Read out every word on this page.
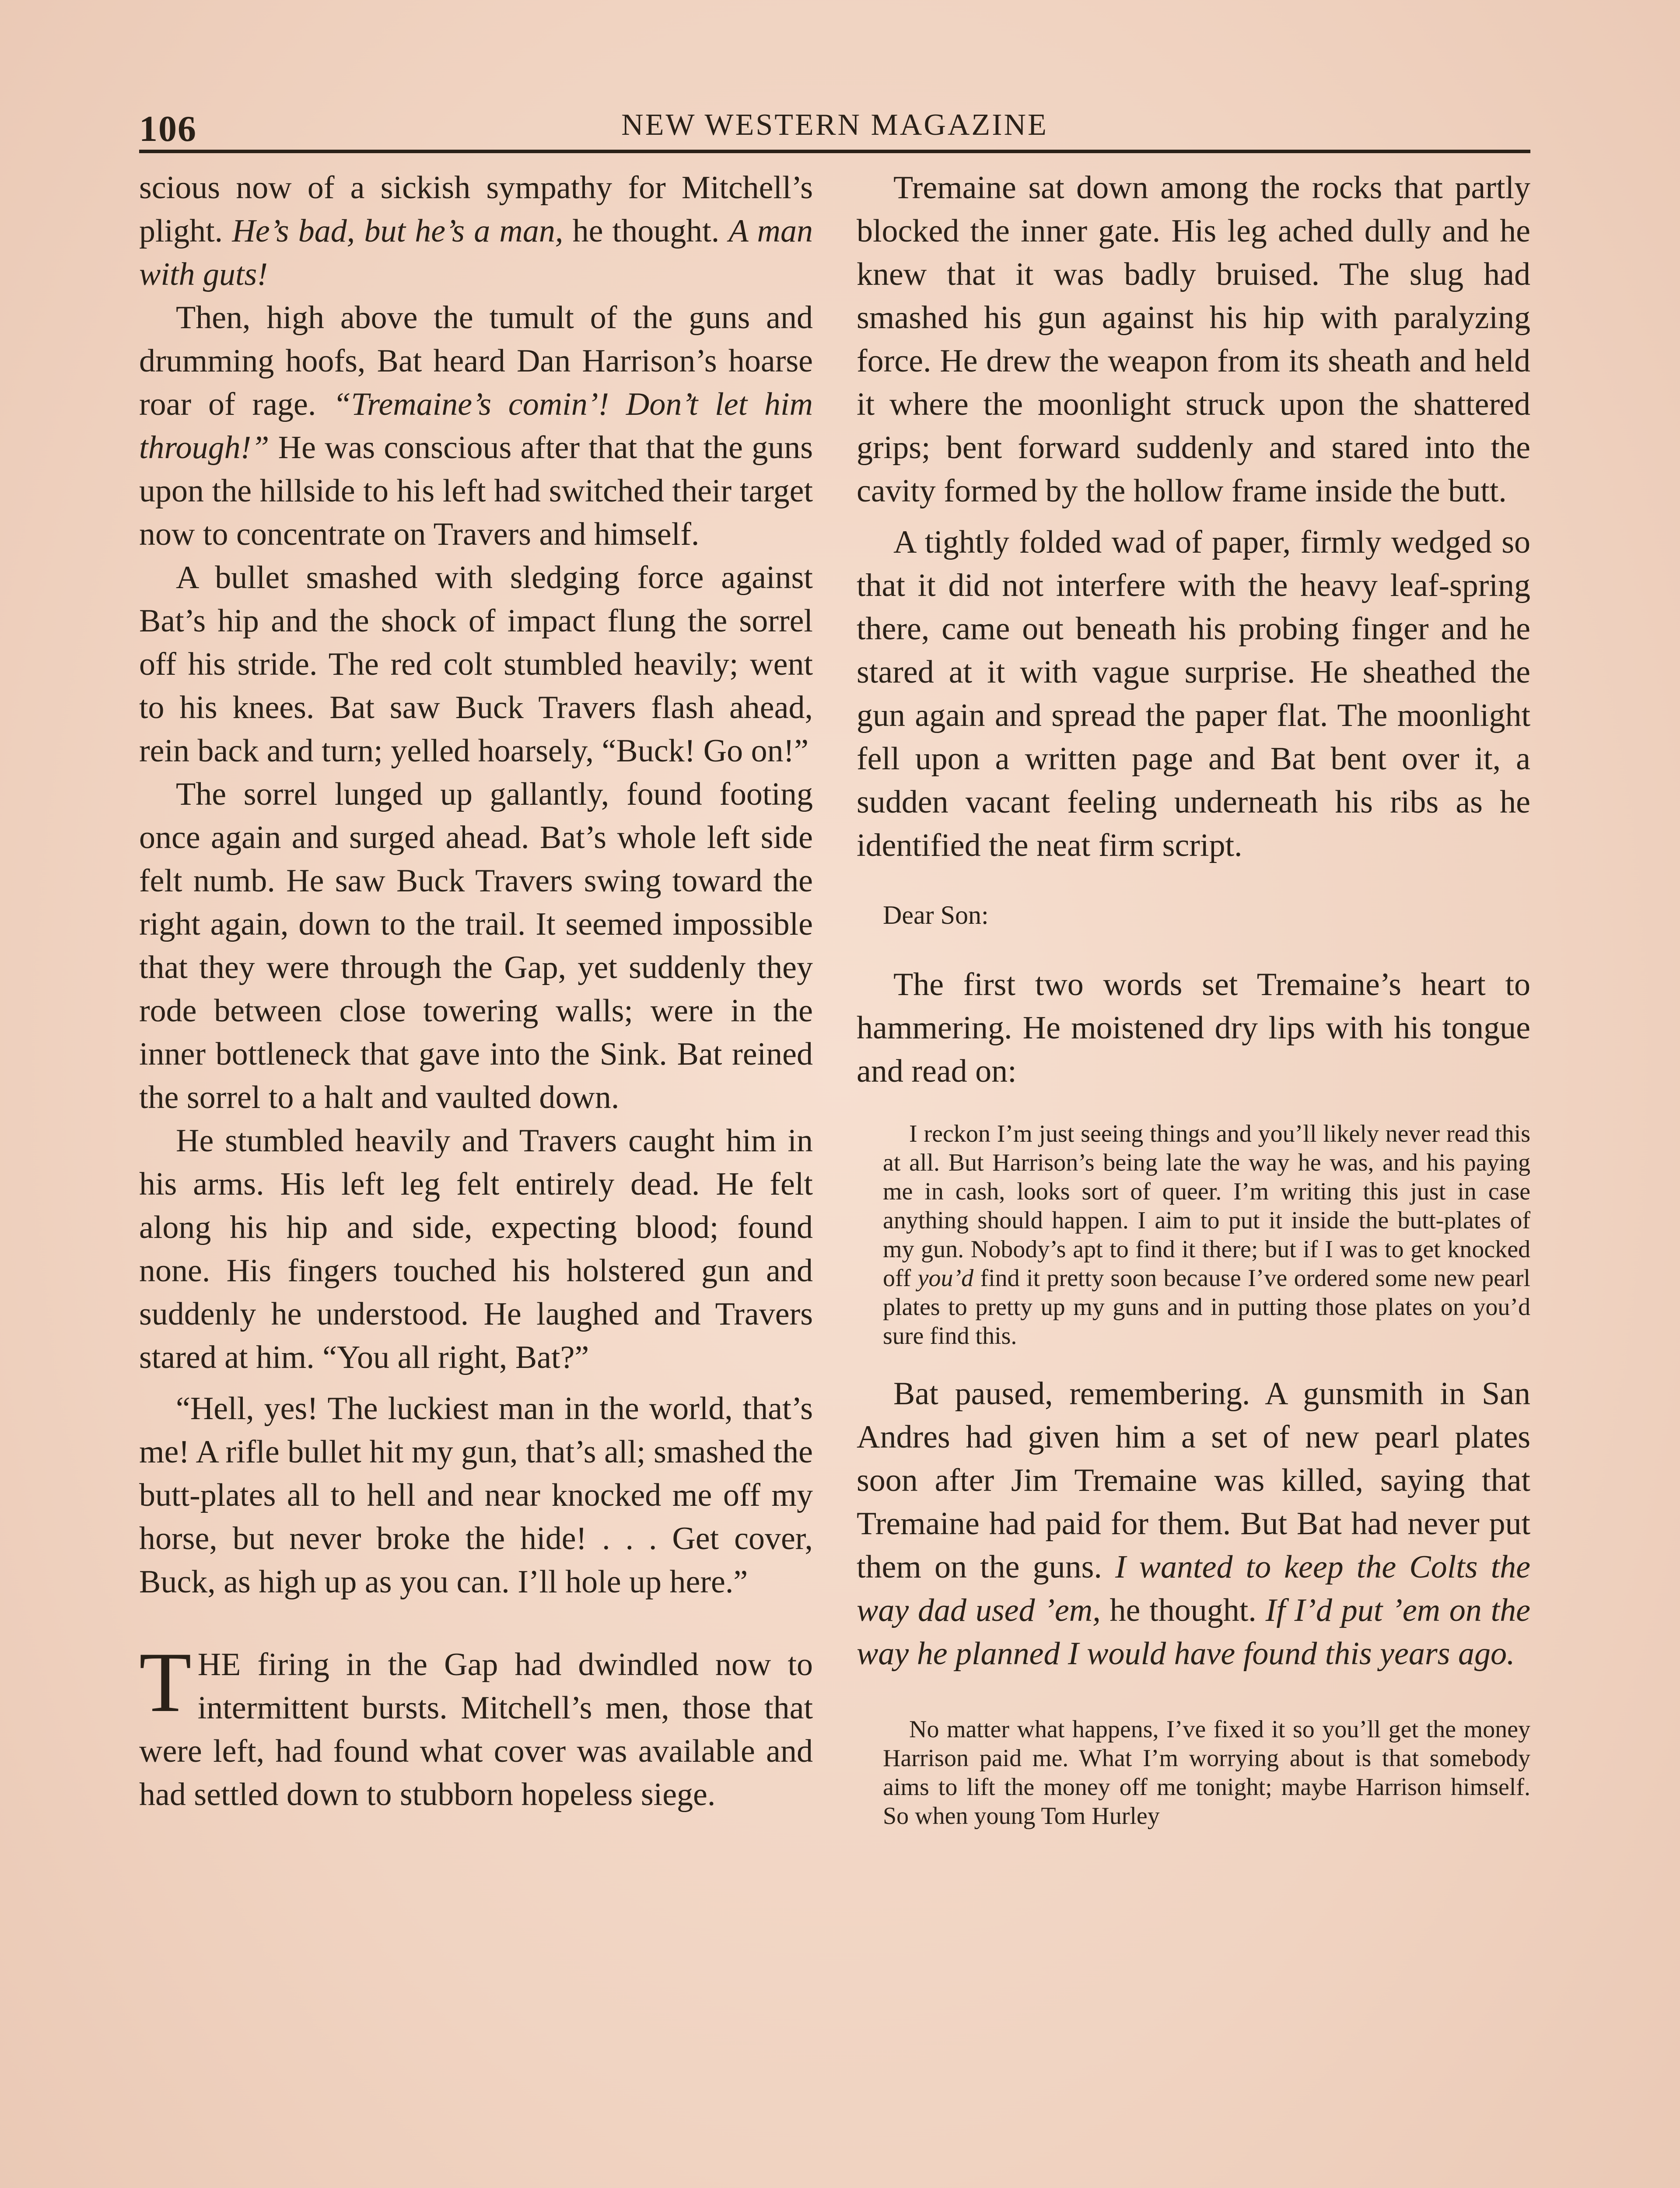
106	NEW WESTERN MAGAZINE

scious now of a sickish sympathy for Mitchell’s plight. He’s bad, but he’s a man, he thought. A man with guts!

Then, high above the tumult of the guns and drumming hoofs, Bat heard Dan Harrison’s hoarse roar of rage. “Tremaine’s comin’! Don’t let him through!” He was conscious after that that the guns upon the hillside to his left had switched their target now to concentrate on Travers and himself.

A bullet smashed with sledging force against Bat’s hip and the shock of impact flung the sorrel off his stride. The red colt stumbled heavily; went to his knees. Bat saw Buck Travers flash ahead, rein back and turn; yelled hoarsely, “Buck! Go on!”

The sorrel lunged up gallantly, found footing once again and surged ahead. Bat’s whole left side felt numb. He saw Buck Travers swing toward the right again, down to the trail. It seemed impossible that they were through the Gap, yet suddenly they rode between close towering walls; were in the inner bottleneck that gave into the Sink. Bat reined the sorrel to a halt and vaulted down.

He stumbled heavily and Travers caught him in his arms. His left leg felt entirely dead. He felt along his hip and side, expecting blood; found none. His fingers touched his holstered gun and suddenly he understood. He laughed and Travers stared at him. “You all right, Bat?”

“Hell, yes! The luckiest man in the world, that’s me! A rifle bullet hit my gun, that’s all; smashed the butt-plates all to hell and near knocked me off my horse, but never broke the hide! . . . Get cover, Buck, as high up as you can. I’ll hole up here.”

THE firing in the Gap had dwindled now to intermittent bursts. Mitchell’s men, those that were left, had found what cover was available and had settled down to stubborn hopeless siege.

Tremaine sat down among the rocks that partly blocked the inner gate. His leg ached dully and he knew that it was badly bruised. The slug had smashed his gun against his hip with paralyzing force. He drew the weapon from its sheath and held it where the moonlight struck upon the shattered grips; bent forward suddenly and stared into the cavity formed by the hollow frame inside the butt.

A tightly folded wad of paper, firmly wedged so that it did not interfere with the heavy leaf-spring there, came out beneath his probing finger and he stared at it with vague surprise. He sheathed the gun again and spread the paper flat. The moonlight fell upon a written page and Bat bent over it, a sudden vacant feeling underneath his ribs as he identified the neat firm script.

Dear Son:

The first two words set Tremaine’s heart to hammering. He moistened dry lips with his tongue and read on:

I reckon I’m just seeing things and you’ll likely never read this at all. But Harrison’s being late the way he was, and his paying me in cash, looks sort of queer. I’m writing this just in case anything should happen. I aim to put it inside the butt-plates of my gun. Nobody’s apt to find it there; but if I was to get knocked off you’d find it pretty soon because I’ve ordered some new pearl plates to pretty up my guns and in putting those plates on you’d sure find this.

Bat paused, remembering. A gunsmith in San Andres had given him a set of new pearl plates soon after Jim Tremaine was killed, saying that Tremaine had paid for them. But Bat had never put them on the guns. I wanted to keep the Colts the way dad used ’em, he thought. If I’d put ’em on the way he planned I would have found this years ago.

No matter what happens, I’ve fixed it so you’ll get the money Harrison paid me. What I’m worrying about is that somebody aims to lift the money off me tonight; maybe Harrison himself. So when young Tom Hurley
